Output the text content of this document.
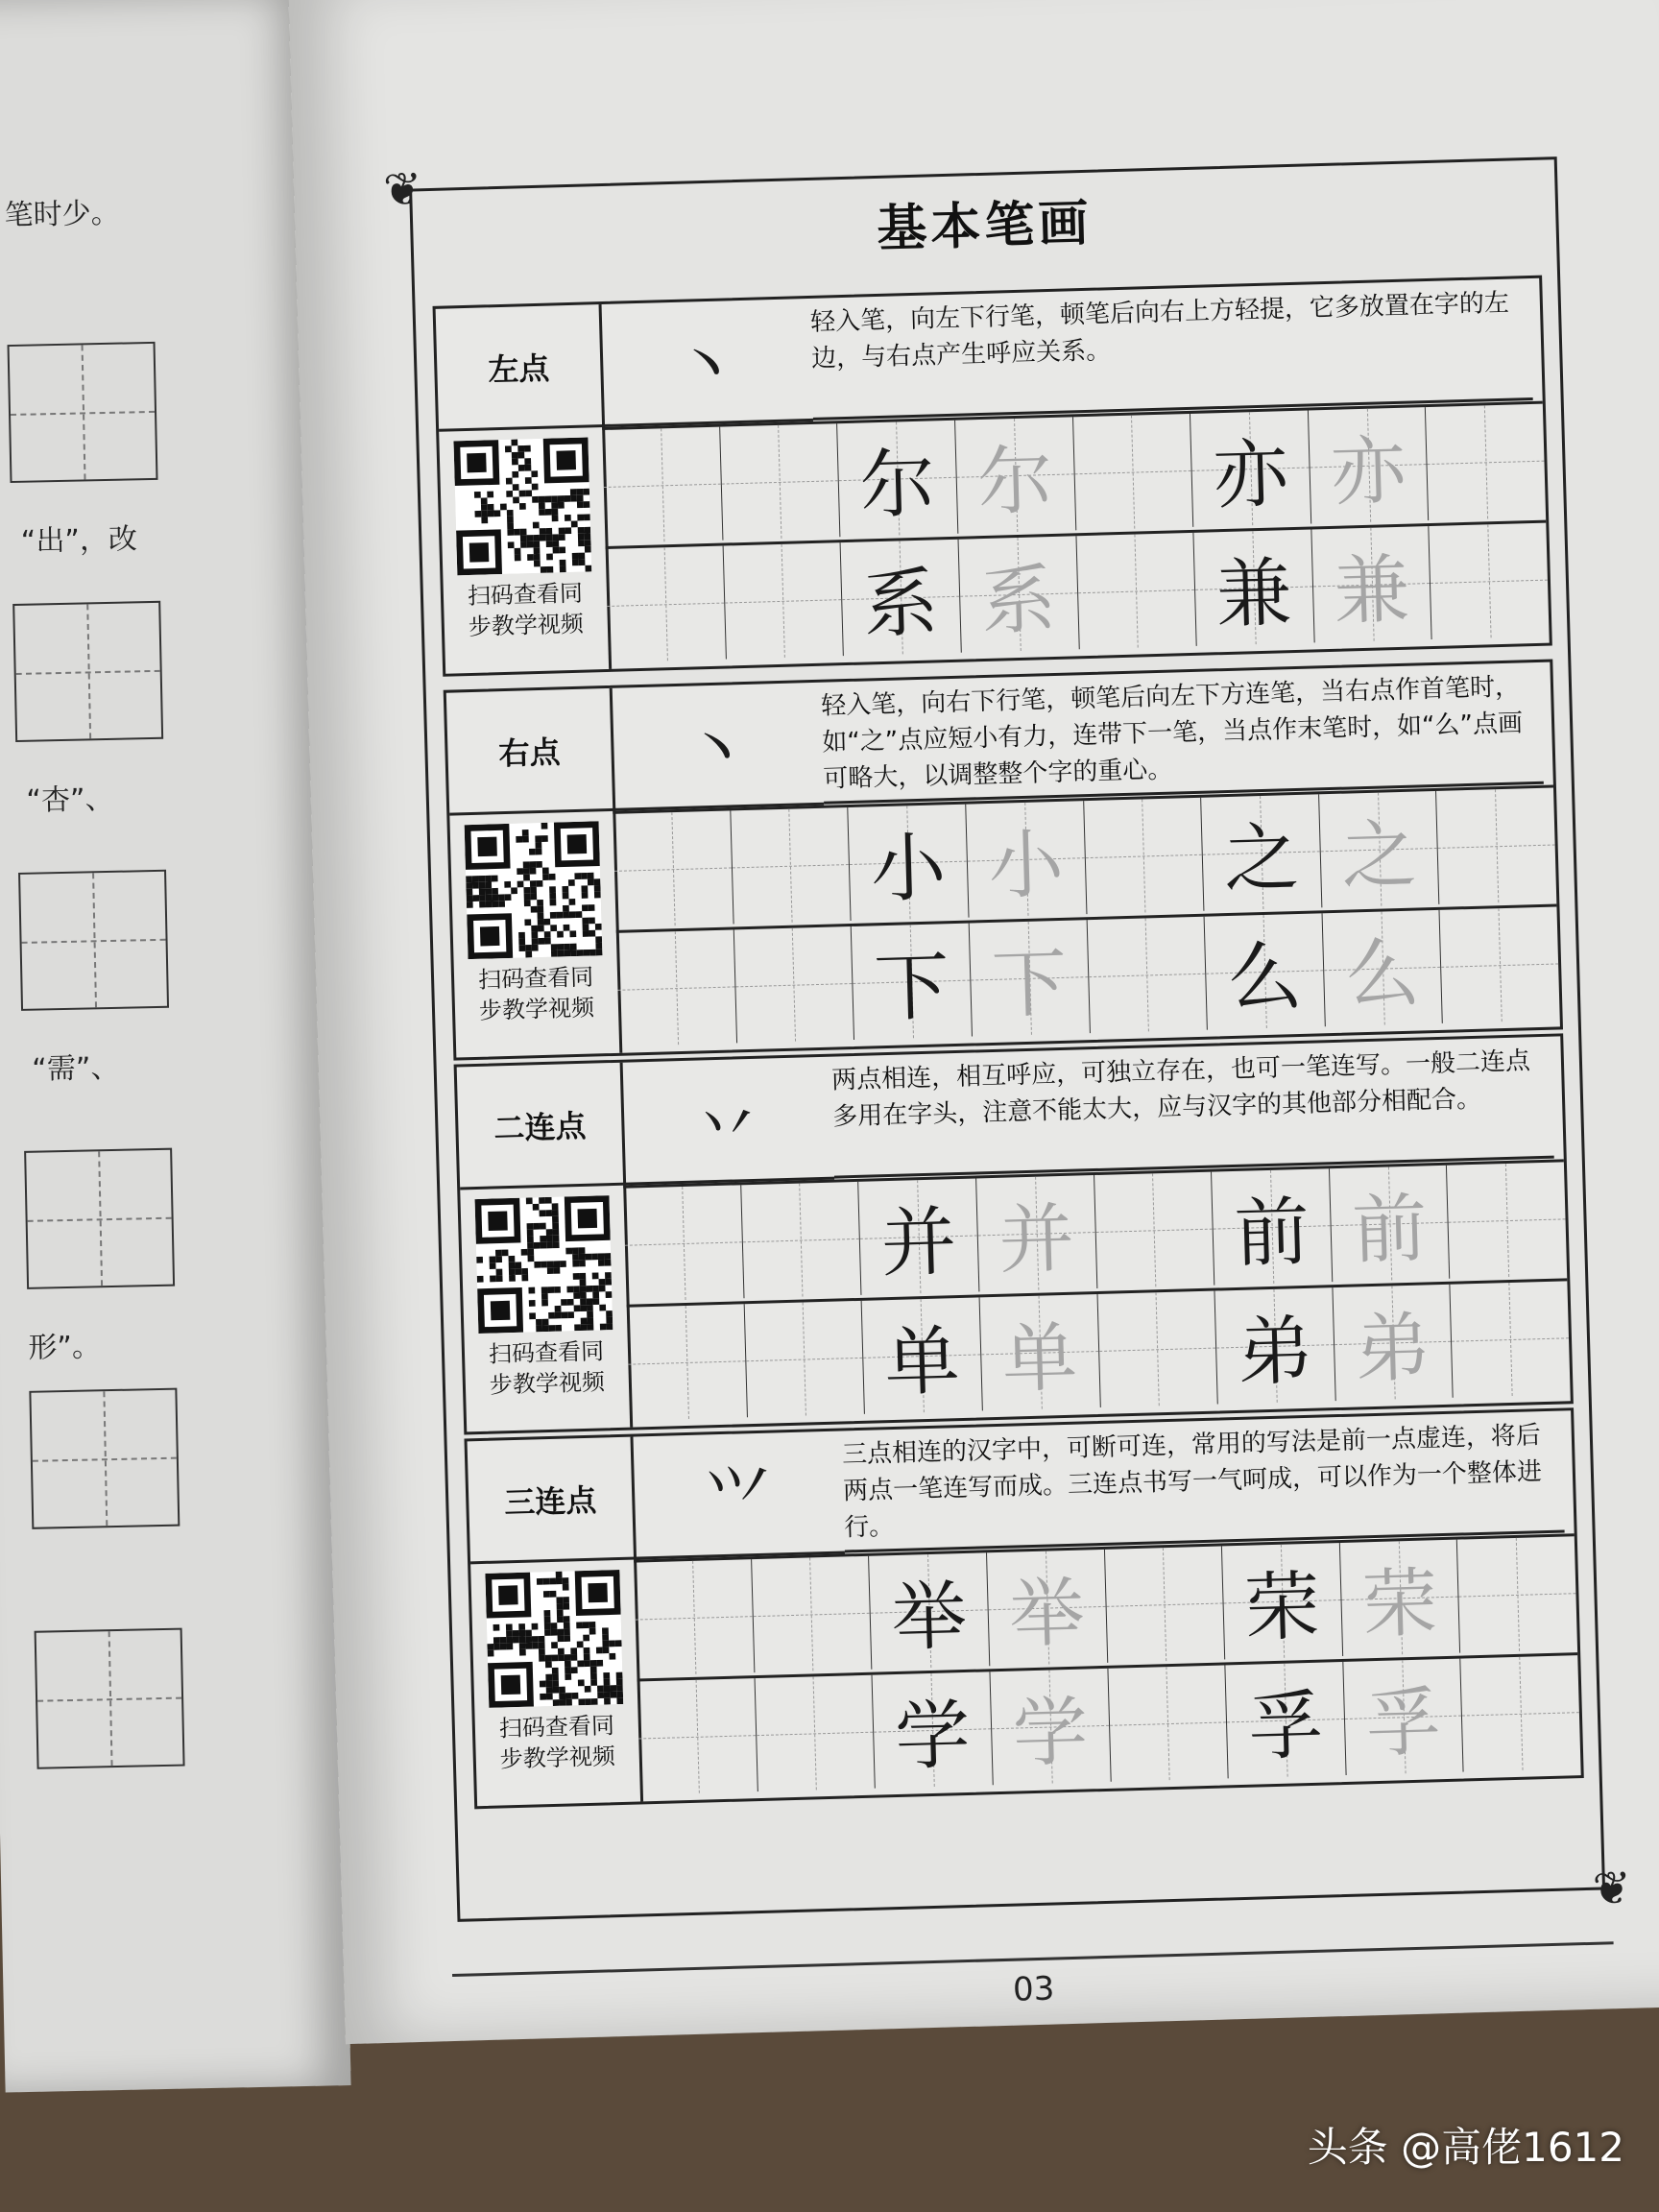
笔时少。
“出”，改
“杏”、
“需”、
形”。
❦
❦
基本笔画
左点	丶
轻入笔，向左下行笔，顿笔后向右上方轻提，它多放置在字的左边，与右点产生呼应关系。
扫码查看同
步教学视频
尔 尔 亦 亦
系 系 兼 兼
右点	丶
轻入笔，向右下行笔，顿笔后向左下方连笔，当右点作首笔时，如“之”点应短小有力，连带下一笔，当点作末笔时，如“么”点画可略大，以调整整个字的重心。
扫码查看同
步教学视频
小 小 之 之
下 下 么 么
二连点	丷
两点相连，相互呼应，可独立存在，也可一笔连写。一般二连点多用在字头，注意不能太大，应与汉字的其他部分相配合。
扫码查看同
步教学视频
并 并 前 前
单 单 弟 弟
三连点	⺍
三点相连的汉字中，可断可连，常用的写法是前一点虚连，将后两点一笔连写而成。三连点书写一气呵成，可以作为一个整体进行。
扫码查看同
步教学视频
举 举 荣 荣
学 学 孚 孚
03
头条 @高佬1612
